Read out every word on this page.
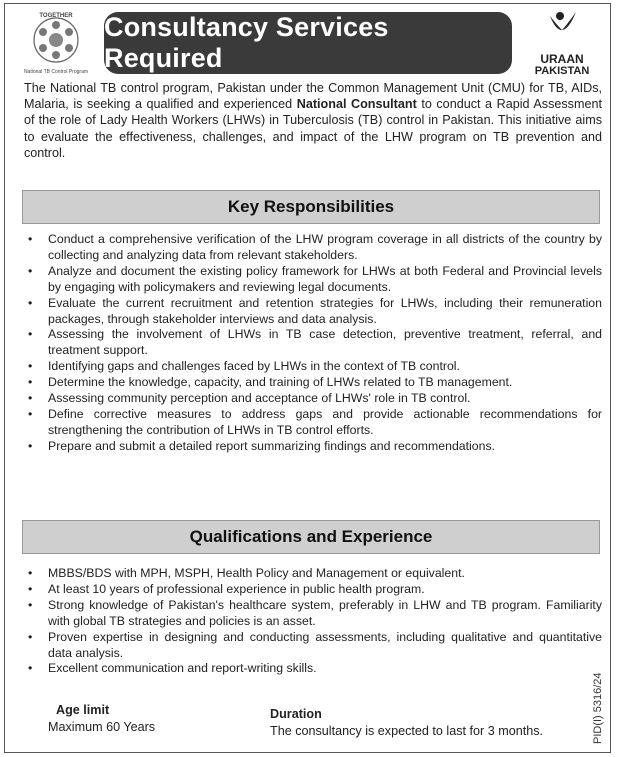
National TB Control Program
TOGETHER Consultancy Services Required	URAAN
PAKISTAN
The National TB control program, Pakistan under the Common Management Unit (CMU) for TB, AIDs, Malaria, is seeking a qualified and experienced National Consultant to conduct a Rapid Assessment of the role of Lady Health Workers (LHWs) in Tuberculosis (TB) control in Pakistan. This initiative aims to evaluate the effectiveness, challenges, and impact of the LHW program on TB prevention and control.
Key Responsibilities
• Conduct a comprehensive verification of the LHW program coverage in all districts of the country by collecting and analyzing data from relevant stakeholders.
• Analyze and document the existing policy framework for LHWs at both Federal and Provincial levels by engaging with policymakers and reviewing legal documents.
• Evaluate the current recruitment and retention strategies for LHWs, including their remuneration packages, through stakeholder interviews and data analysis.
• Assessing the involvement of LHWs in TB case detection, preventive treatment, referral, and treatment support.
• Identifying gaps and challenges faced by LHWs in the context of TB control.
• Determine the knowledge, capacity, and training of LHWs related to TB management.
• Assessing community perception and acceptance of LHWs' role in TB control.
• Define corrective measures to address gaps and provide actionable recommendations for strengthening the contribution of LHWs in TB control efforts.
• Prepare and submit a detailed report summarizing findings and recommendations.
Qualifications and Experience
• MBBS/BDS with MPH, MSPH, Health Policy and Management or equivalent.
• At least 10 years of professional experience in public health program.
• Strong knowledge of Pakistan's healthcare system, preferably in LHW and TB program. Familiarity with global TB strategies and policies is an asset.
• Proven expertise in designing and conducting assessments, including qualitative and quantitative data analysis.
• Excellent communication and report-writing skills.
Age limit
Maximum 60 Years
Duration
The consultancy is expected to last for 3 months.	PID(I) 5316/24
